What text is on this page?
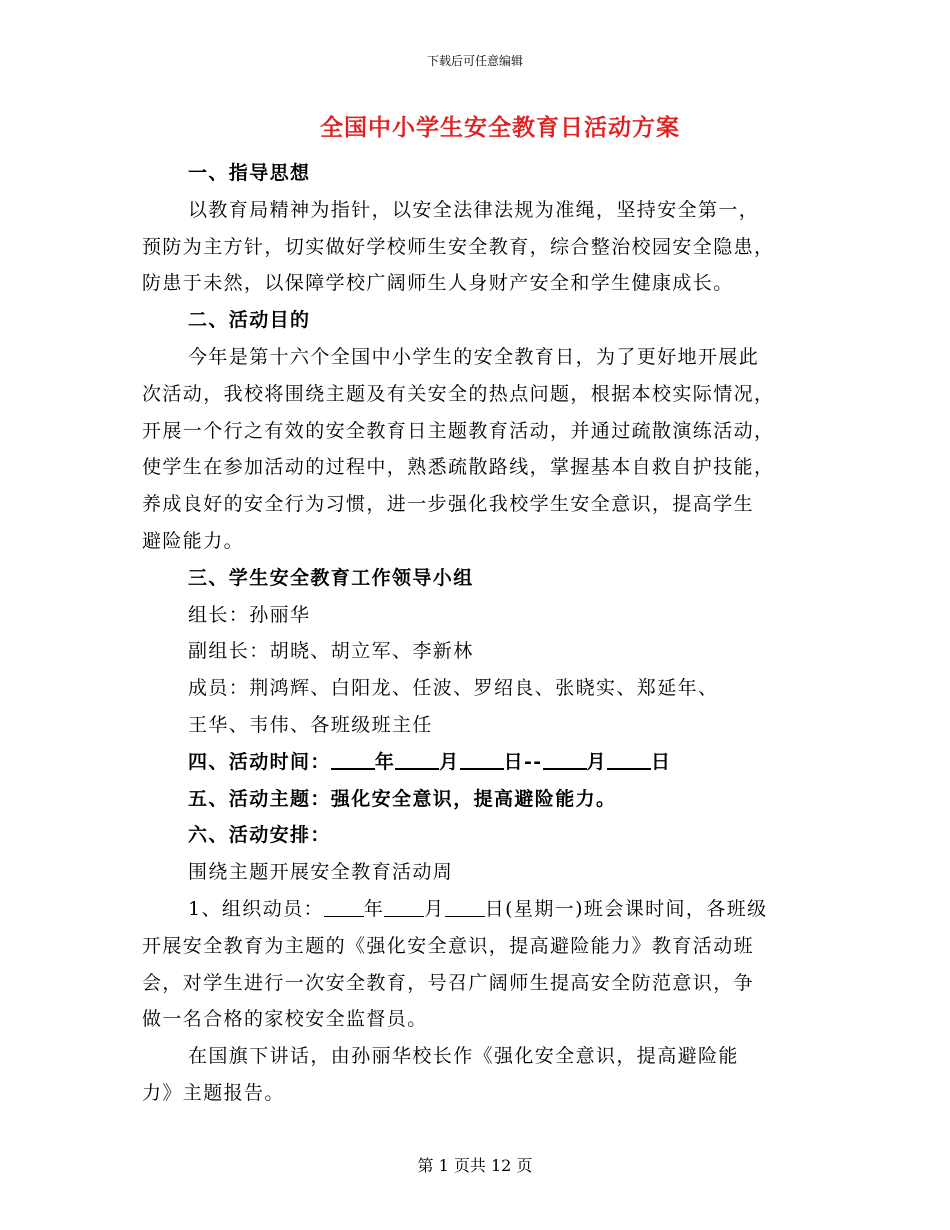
下载后可任意编辑
全国中小学生安全教育日活动方案
一、指导思想
以教育局精神为指针，以安全法律法规为准绳，坚持安全第一，
预防为主方针，切实做好学校师生安全教育，综合整治校园安全隐患，
防患于未然，以保障学校广阔师生人身财产安全和学生健康成长。
二、活动目的
今年是第十六个全国中小学生的安全教育日，为了更好地开展此
次活动，我校将围绕主题及有关安全的热点问题，根据本校实际情况，
开展一个行之有效的安全教育日主题教育活动，并通过疏散演练活动，
使学生在参加活动的过程中，熟悉疏散路线，掌握基本自救自护技能，
养成良好的安全行为习惯，进一步强化我校学生安全意识，提高学生
避险能力。
三、学生安全教育工作领导小组
组长：孙丽华
副组长：胡晓、胡立军、李新林
成员：荆鸿辉、白阳龙、任波、罗绍良、张晓实、郑延年、
王华、韦伟、各班级班主任
四、活动时间： 年 月 日-- 月 日
五、活动主题：强化安全意识，提高避险能力。
六、活动安排：
围绕主题开展安全教育活动周
1、组织动员： 年 月 日(星期一)班会课时间，各班级
开展安全教育为主题的《强化安全意识，提高避险能力》教育活动班
会，对学生进行一次安全教育，号召广阔师生提高安全防范意识，争
做一名合格的家校安全监督员。
在国旗下讲话，由孙丽华校长作《强化安全意识，提高避险能
力》主题报告。
第 1 页共 12 页
